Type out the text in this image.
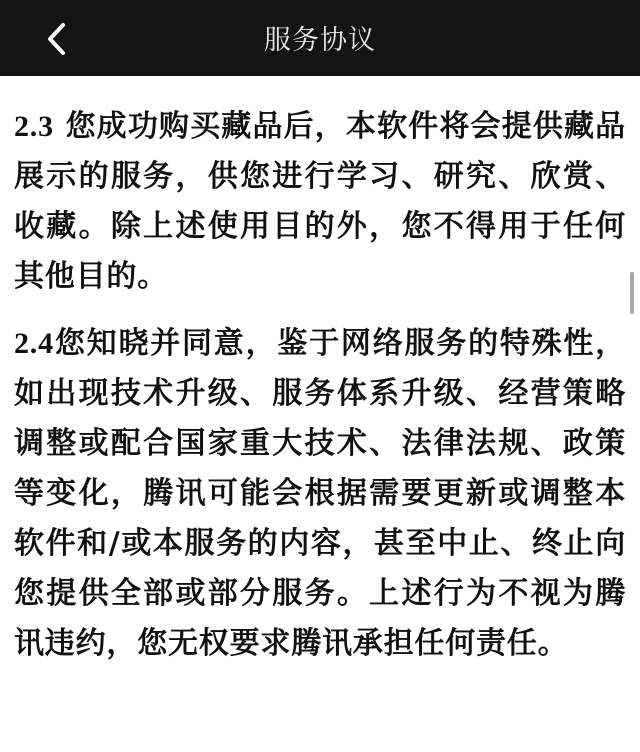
服务协议

2.3 您成功购买藏品后，本软件将会提供藏品展示的服务，供您进行学习、研究、欣赏、收藏。除上述使用目的外，您不得用于任何其他目的。

2.4您知晓并同意，鉴于网络服务的特殊性，如出现技术升级、服务体系升级、经营策略调整或配合国家重大技术、法律法规、政策等变化，腾讯可能会根据需要更新或调整本软件和/或本服务的内容，甚至中止、终止向您提供全部或部分服务。上述行为不视为腾讯违约，您无权要求腾讯承担任何责任。
